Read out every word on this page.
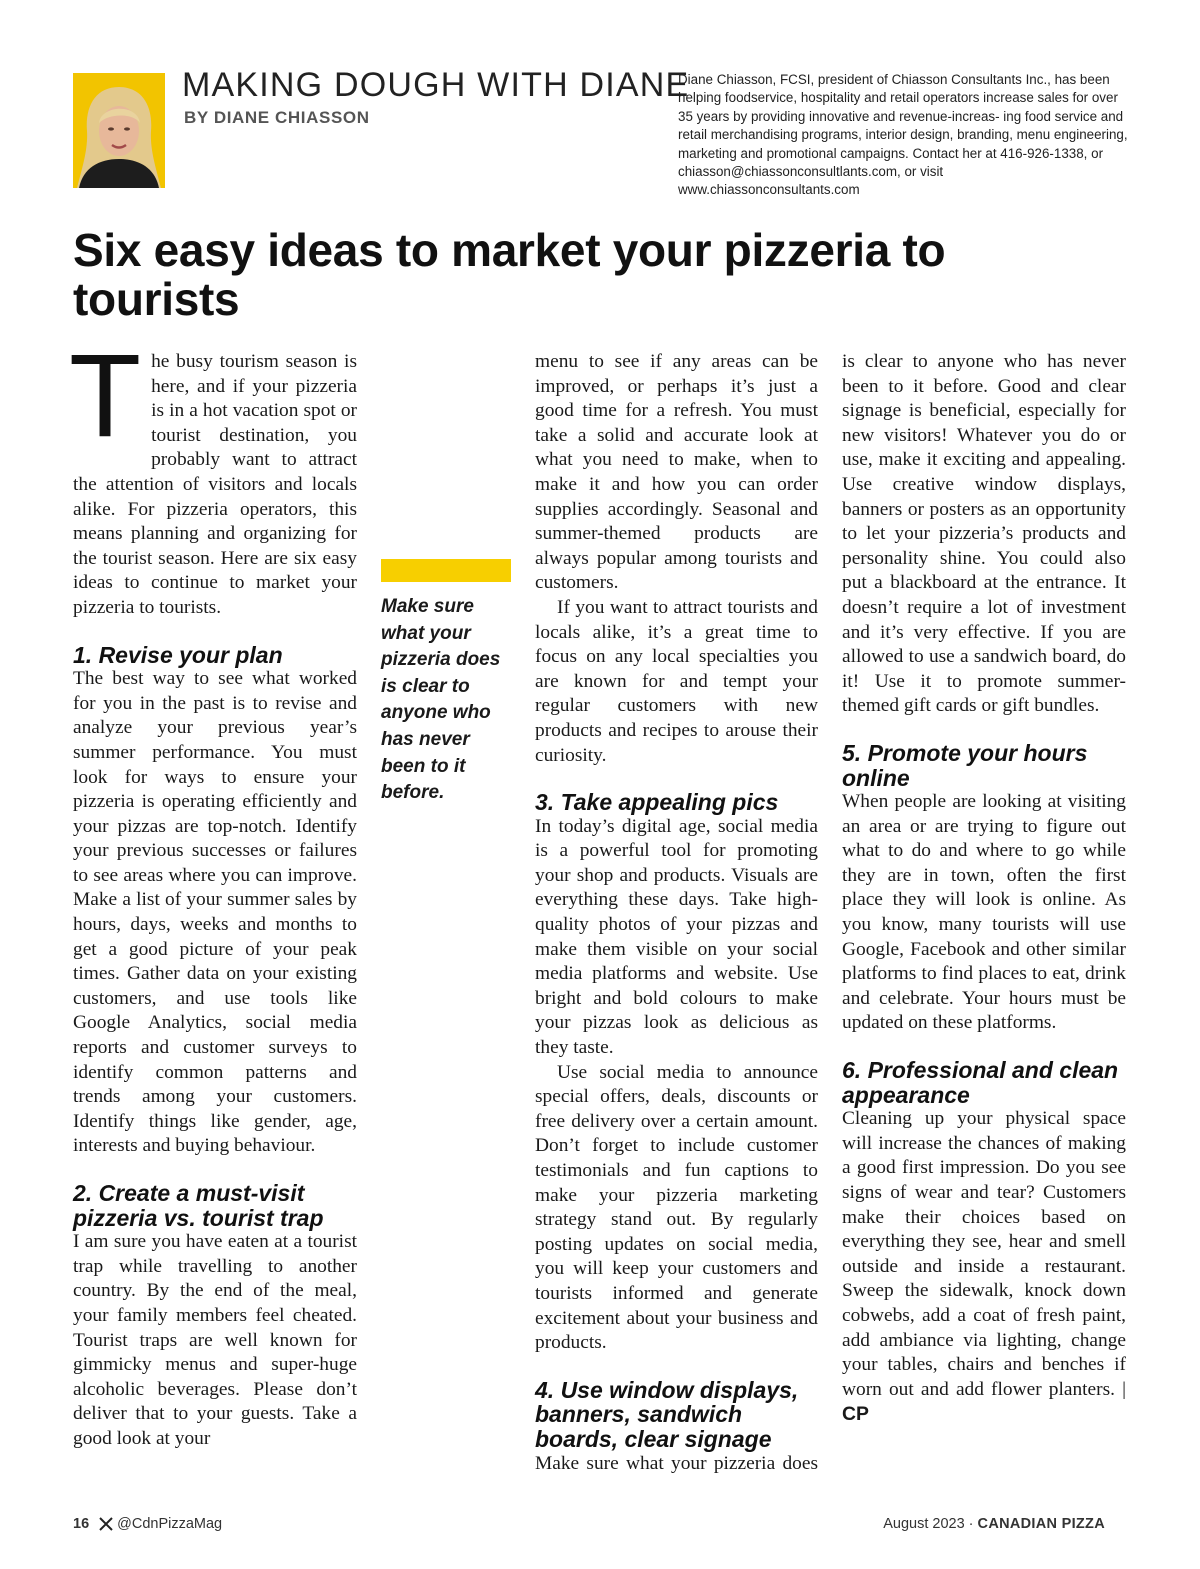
MAKING DOUGH WITH DIANE
BY DIANE CHIASSON
Diane Chiasson, FCSI, president of Chiasson Consultants Inc., has been helping foodservice, hospitality and retail operators increase sales for over 35 years by providing innovative and revenue-increas- ing food service and retail merchandising programs, interior design, branding, menu engineering, marketing and promotional campaigns. Contact her at 416-926-1338, or chiasson@chiassonconsultlants.com, or visit www.chiassonconsultants.com
Six easy ideas to market your pizzeria to tourists

The busy tourism season is here, and if your pizzeria is in a hot vacation spot or tourist destination, you probably want to attract the attention of visitors and locals alike. For pizzeria operators, this means planning and organizing for the tourist season. Here are six easy ideas to continue to market your pizzeria to tourists.

1. Revise your plan

The best way to see what worked for you in the past is to revise and analyze your previous year’s summer performance. You must look for ways to ensure your pizzeria is operating efficiently and your pizzas are top-notch. Identify your previous successes or failures to see areas where you can improve. Make a list of your summer sales by hours, days, weeks and months to get a good picture of your peak times. Gather data on your existing customers, and use tools like Google Analytics, social media reports and customer surveys to identify common patterns and trends among your customers. Identify things like gender, age, interests and buying behaviour.

2. Create a must-visit pizzeria vs. tourist trap

I am sure you have eaten at a tourist trap while travelling to another country. By the end of the meal, your family members feel cheated. Tourist traps are well known for gimmicky menus and super-huge alcoholic beverages. Please don’t deliver that to your guests. Take a good look at your

Make sure what your pizzeria does is clear to anyone who has never been to it before.

menu to see if any areas can be improved, or perhaps it’s just a good time for a refresh. You must take a solid and accurate look at what you need to make, when to make it and how you can order supplies accordingly. Seasonal and summer-themed products are always popular among tourists and customers.

If you want to attract tourists and locals alike, it’s a great time to focus on any local specialties you are known for and tempt your regular customers with new products and recipes to arouse their curiosity.

3. Take appealing pics

In today’s digital age, social media is a powerful tool for promoting your shop and products. Visuals are everything these days. Take high-quality photos of your pizzas and make them visible on your social media platforms and website. Use bright and bold colours to make your pizzas look as delicious as they taste.

Use social media to announce special offers, deals, discounts or free delivery over a certain amount. Don’t forget to include customer testimonials and fun captions to make your pizzeria marketing strategy stand out. By regularly posting updates on social media, you will keep your customers and tourists informed and generate excitement about your business and products.

4. Use window displays, banners, sandwich boards, clear signage

Make sure what your pizzeria does

is clear to anyone who has never been to it before. Good and clear signage is beneficial, especially for new visitors! Whatever you do or use, make it exciting and appealing. Use creative window displays, banners or posters as an opportunity to let your pizzeria’s products and personality shine. You could also put a blackboard at the entrance. It doesn’t require a lot of investment and it’s very effective. If you are allowed to use a sandwich board, do it! Use it to promote summer-themed gift cards or gift bundles.

5. Promote your hours online

When people are looking at visiting an area or are trying to figure out what to do and where to go while they are in town, often the first place they will look is online. As you know, many tourists will use Google, Facebook and other similar platforms to find places to eat, drink and celebrate. Your hours must be updated on these platforms.

6. Professional and clean appearance

Cleaning up your physical space will increase the chances of making a good first impression. Do you see signs of wear and tear? Customers make their choices based on everything they see, hear and smell outside and inside a restaurant. Sweep the sidewalk, knock down cobwebs, add a coat of fresh paint, add ambiance via lighting, change your tables, chairs and benches if worn out and add flower planters. | CP

16 @CdnPizzaMag	August 2023 · CANADIAN PIZZA
